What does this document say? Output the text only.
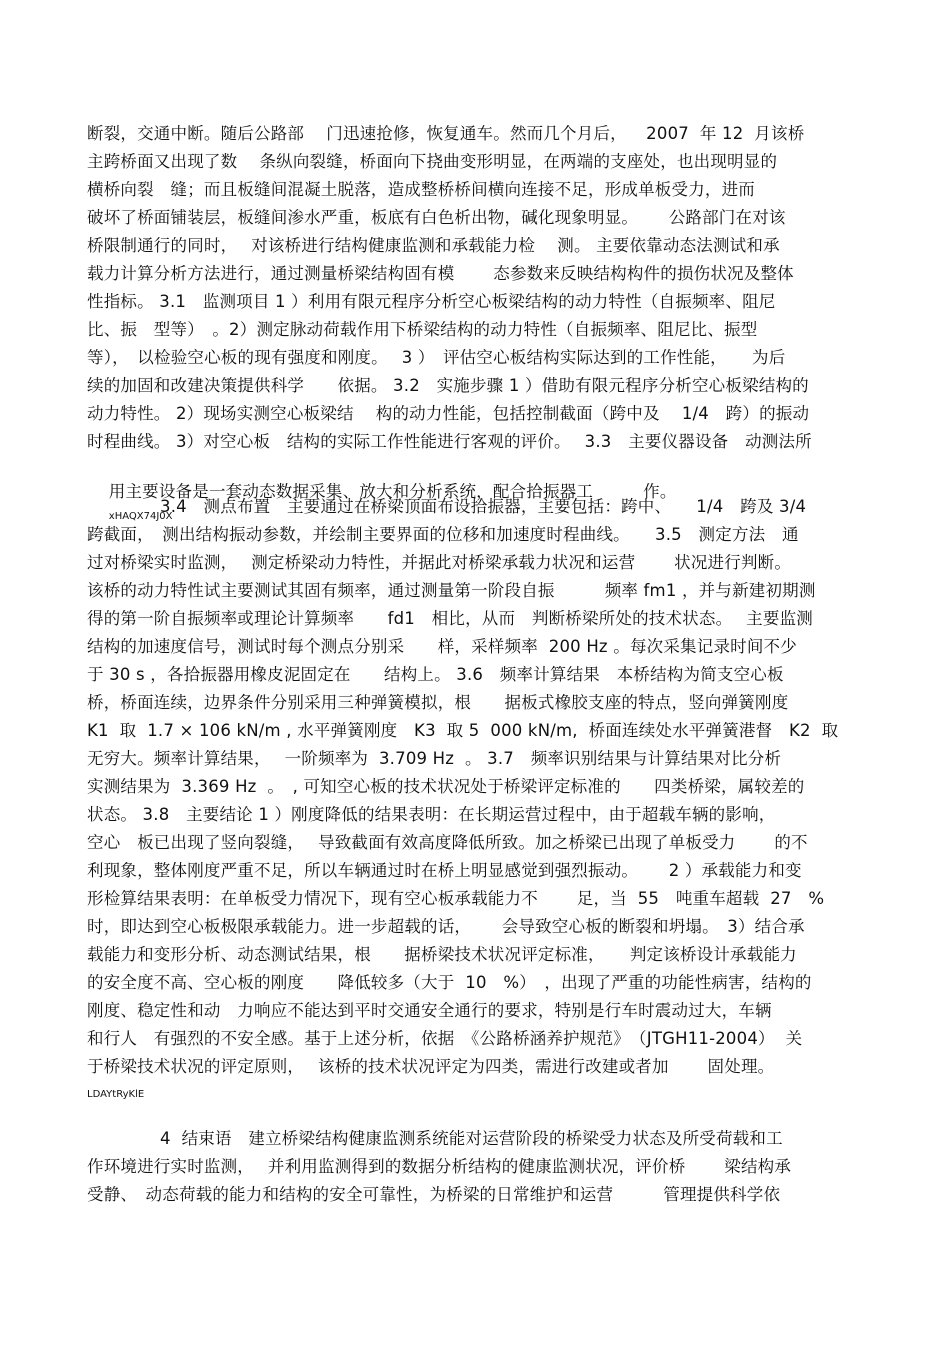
断裂，交通中断。随后公路部　 门迅速抢修，恢复通车。然而几个月后，　  2007  年 12  月该桥
主跨桥面又出现了数　 条纵向裂缝，桥面向下挠曲变形明显，在两端的支座处，也出现明显的
横桥向裂　缝；而且板缝间混凝土脱落，造成整桥桥间横向连接不足，形成单板受力，进而
破坏了桥面铺装层，板缝间渗水严重，板底有白色析出物，碱化现象明显。　　 公路部门在对该
桥限制通行的同时，　 对该桥进行结构健康监测和承载能力检　 测。 主要依靠动态法测试和承
载力计算分析方法进行，通过测量桥梁结构固有模　　 态参数来反映结构构件的损伤状况及整体
性指标。 3.1　监测项目 1 ）利用有限元程序分析空心板梁结构的动力特性（自振频率、阻尼
比、振　型等）　。2）测定脉动荷载作用下桥梁结构的动力特性（自振频率、阻尼比、振型
等），　以检验空心板的现有强度和刚度。　 3 ）　评估空心板结构实际达到的工作性能，　　为后
续的加固和改建决策提供科学　　依据。 3.2　实施步骤 1 ）借助有限元程序分析空心板梁结构的
动力特性。 2）现场实测空心板梁结　 构的动力性能，包括控制截面（跨中及　 1/4　跨）的振动
时程曲线。 3）对空心板　结构的实际工作性能进行客观的评价。　 3.3　主要仪器设备　动测法所

用主要设备是一套动态数据采集、放大和分析系统，配合拾振器工　　　作。
xHAQX74J0X

3.4　测点布置　主要通过在桥梁顶面布设拾振器，主要包括：跨中、　　1/4　跨及 3/4
跨截面，　测出结构振动参数，并绘制主要界面的位移和加速度时程曲线。　　3.5　测定方法　通
过对桥梁实时监测，　 测定桥梁动力特性，并据此对桥梁承载力状况和运营　　 状况进行判断。
该桥的动力特性试主要测试其固有频率，通过测量第一阶段自振　　　频率 fm1 ，并与新建初期测
得的第一阶自振频率或理论计算频率　　fd1　相比，从而　判断桥梁所处的技术状态。　 主要监测
结构的加速度信号，测试时每个测点分别采　　样，采样频率  200 Hz 。每次采集记录时间不少
于 30 s ，各拾振器用橡皮泥固定在　　结构上。 3.6　频率计算结果　本桥结构为简支空心板
桥，桥面连续，边界条件分别采用三种弹簧模拟，根　　据板式橡胶支座的特点，竖向弹簧刚度
K1  取  1.7 × 106 kN/m , 水平弹簧刚度　K3  取 5  000 kN/m,  桥面连续处水平弹簧港督　K2  取
无穷大。频率计算结果，　 一阶频率为  3.709 Hz  。 3.7　频率识别结果与计算结果对比分析
实测结果为  3.369 Hz  。　, 可知空心板的技术状况处于桥梁评定标准的　　四类桥梁，属较差的
状态。 3.8　主要结论 1 ）刚度降低的结果表明：在长期运营过程中，由于超载车辆的影响，
空心　板已出现了竖向裂缝，　 导致截面有效高度降低所致。加之桥梁已出现了单板受力　　 的不
利现象，整体刚度严重不足，所以车辆通过时在桥上明显感觉到强烈振动。　　 2 ）承载能力和变
形检算结果表明：在单板受力情况下，现有空心板承载能力不　　 足，当  55　吨重车超载  27　%
时，即达到空心板极限承载能力。进一步超载的话，　　 会导致空心板的断裂和坍塌。　3）结合承
载能力和变形分析、动态测试结果，根　　据桥梁技术状况评定标准，　　判定该桥设计承载能力
的安全度不高、空心板的刚度　　降低较多（大于  10　%）　，出现了严重的功能性病害，结构的
刚度、稳定性和动　力响应不能达到平时交通安全通行的要求，特别是行车时震动过大，车辆
和行人　有强烈的不安全感。基于上述分析，依据　《公路桥涵养护规范》　（JTGH11-2004）  关
于桥梁技术状况的评定原则，　 该桥的技术状况评定为四类，需进行改建或者加　　 固处理。
LDAYtRyKlE
4  结束语　建立桥梁结构健康监测系统能对运营阶段的桥梁受力状态及所受荷载和工
作环境进行实时监测，　 并利用监测得到的数据分析结构的健康监测状况，评价桥　　 梁结构承
受静、　动态荷载的能力和结构的安全可靠性，为桥梁的日常维护和运营　　　管理提供科学依
